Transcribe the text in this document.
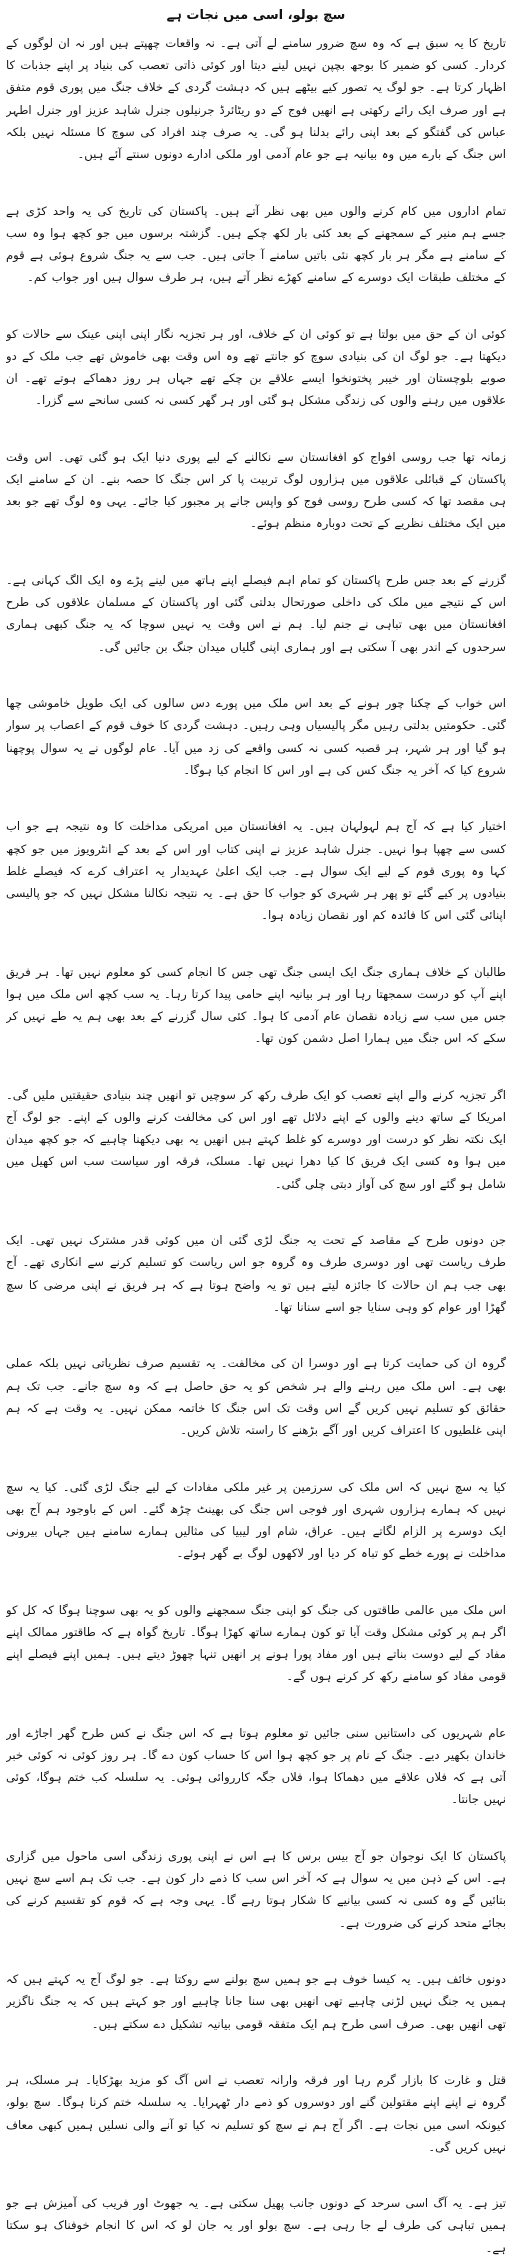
سچ بولو، اسی میں نجات ہے

تاریخ کا یہ سبق ہے کہ وہ سچ ضرور سامنے لے آتی ہے۔ نہ واقعات چھپتے ہیں اور نہ ان لوگوں کے کردار۔ کسی کو ضمیر کا بوجھ بچپن نہیں لینے دیتا اور کوئی ذاتی تعصب کی بنیاد پر اپنے جذبات کا اظہار کرتا ہے۔ جو لوگ یہ تصور کیے بیٹھے ہیں کہ دہشت گردی کے خلاف جنگ میں پوری قوم متفق ہے اور صرف ایک رائے رکھتی ہے انھیں فوج کے دو ریٹائرڈ جرنیلوں جنرل شاہد عزیز اور جنرل اطہر عباس کی گفتگو کے بعد اپنی رائے بدلنا ہو گی۔ یہ صرف چند افراد کی سوچ کا مسئلہ نہیں بلکہ اس جنگ کے بارے میں وہ بیانیہ ہے جو عام آدمی اور ملکی ادارے دونوں سنتے آئے ہیں۔

تمام اداروں میں کام کرنے والوں میں بھی نظر آتے ہیں۔ پاکستان کی تاریخ کی یہ واحد کڑی ہے جسے ہم منیر کے سمجھنے کے بعد کئی بار لکھ چکے ہیں۔ گزشتہ برسوں میں جو کچھ ہوا وہ سب کے سامنے ہے مگر ہر بار کچھ نئی باتیں سامنے آ جاتی ہیں۔ جب سے یہ جنگ شروع ہوئی ہے قوم کے مختلف طبقات ایک دوسرے کے سامنے کھڑے نظر آتے ہیں، ہر طرف سوال ہیں اور جواب کم۔

کوئی ان کے حق میں بولتا ہے تو کوئی ان کے خلاف، اور ہر تجزیہ نگار اپنی اپنی عینک سے حالات کو دیکھتا ہے۔ جو لوگ ان کی بنیادی سوچ کو جانتے تھے وہ اس وقت بھی خاموش تھے جب ملک کے دو صوبے بلوچستان اور خیبر پختونخوا ایسے علاقے بن چکے تھے جہاں ہر روز دھماکے ہوتے تھے۔ ان علاقوں میں رہنے والوں کی زندگی مشکل ہو گئی اور ہر گھر کسی نہ کسی سانحے سے گزرا۔

زمانہ تھا جب روسی افواج کو افغانستان سے نکالنے کے لیے پوری دنیا ایک ہو گئی تھی۔ اس وقت پاکستان کے قبائلی علاقوں میں ہزاروں لوگ تربیت پا کر اس جنگ کا حصہ بنے۔ ان کے سامنے ایک ہی مقصد تھا کہ کسی طرح روسی فوج کو واپس جانے پر مجبور کیا جائے۔ یہی وہ لوگ تھے جو بعد میں ایک مختلف نظریے کے تحت دوبارہ منظم ہوئے۔

گزرنے کے بعد جس طرح پاکستان کو تمام اہم فیصلے اپنے ہاتھ میں لینے پڑے وہ ایک الگ کہانی ہے۔ اس کے نتیجے میں ملک کی داخلی صورتحال بدلتی گئی اور پاکستان کے مسلمان علاقوں کی طرح افغانستان میں بھی تباہی نے جنم لیا۔ ہم نے اس وقت یہ نہیں سوچا کہ یہ جنگ کبھی ہماری سرحدوں کے اندر بھی آ سکتی ہے اور ہماری اپنی گلیاں میدان جنگ بن جائیں گی۔

اس خواب کے چکنا چور ہونے کے بعد اس ملک میں پورے دس سالوں کی ایک طویل خاموشی چھا گئی۔ حکومتیں بدلتی رہیں مگر پالیسیاں وہی رہیں۔ دہشت گردی کا خوف قوم کے اعصاب پر سوار ہو گیا اور ہر شہر، ہر قصبہ کسی نہ کسی واقعے کی زد میں آیا۔ عام لوگوں نے یہ سوال پوچھنا شروع کیا کہ آخر یہ جنگ کس کی ہے اور اس کا انجام کیا ہوگا۔

اختیار کیا ہے کہ آج ہم لہولہان ہیں۔ یہ افغانستان میں امریکی مداخلت کا وہ نتیجہ ہے جو اب کسی سے چھپا ہوا نہیں۔ جنرل شاہد عزیز نے اپنی کتاب اور اس کے بعد کے انٹرویوز میں جو کچھ کہا وہ پوری قوم کے لیے ایک سوال ہے۔ جب ایک اعلیٰ عہدیدار یہ اعتراف کرے کہ فیصلے غلط بنیادوں پر کیے گئے تو پھر ہر شہری کو جواب کا حق ہے۔ یہ نتیجہ نکالنا مشکل نہیں کہ جو پالیسی اپنائی گئی اس کا فائدہ کم اور نقصان زیادہ ہوا۔

طالبان کے خلاف ہماری جنگ ایک ایسی جنگ تھی جس کا انجام کسی کو معلوم نہیں تھا۔ ہر فریق اپنے آپ کو درست سمجھتا رہا اور ہر بیانیہ اپنے حامی پیدا کرتا رہا۔ یہ سب کچھ اس ملک میں ہوا جس میں سب سے زیادہ نقصان عام آدمی کا ہوا۔ کئی سال گزرنے کے بعد بھی ہم یہ طے نہیں کر سکے کہ اس جنگ میں ہمارا اصل دشمن کون تھا۔

اگر تجزیہ کرنے والے اپنے تعصب کو ایک طرف رکھ کر سوچیں تو انھیں چند بنیادی حقیقتیں ملیں گی۔ امریکا کے ساتھ دینے والوں کے اپنے دلائل تھے اور اس کی مخالفت کرنے والوں کے اپنے۔ جو لوگ آج ایک نکتہ نظر کو درست اور دوسرے کو غلط کہتے ہیں انھیں یہ بھی دیکھنا چاہیے کہ جو کچھ میدان میں ہوا وہ کسی ایک فریق کا کیا دھرا نہیں تھا۔ مسلک، فرقہ اور سیاست سب اس کھیل میں شامل ہو گئے اور سچ کی آواز دبتی چلی گئی۔

جن دونوں طرح کے مقاصد کے تحت یہ جنگ لڑی گئی ان میں کوئی قدر مشترک نہیں تھی۔ ایک طرف ریاست تھی اور دوسری طرف وہ گروہ جو اس ریاست کو تسلیم کرنے سے انکاری تھے۔ آج بھی جب ہم ان حالات کا جائزہ لیتے ہیں تو یہ واضح ہوتا ہے کہ ہر فریق نے اپنی مرضی کا سچ گھڑا اور عوام کو وہی سنایا جو اسے سنانا تھا۔

گروہ ان کی حمایت کرتا ہے اور دوسرا ان کی مخالفت۔ یہ تقسیم صرف نظریاتی نہیں بلکہ عملی بھی ہے۔ اس ملک میں رہنے والے ہر شخص کو یہ حق حاصل ہے کہ وہ سچ جانے۔ جب تک ہم حقائق کو تسلیم نہیں کریں گے اس وقت تک اس جنگ کا خاتمہ ممکن نہیں۔ یہ وقت ہے کہ ہم اپنی غلطیوں کا اعتراف کریں اور آگے بڑھنے کا راستہ تلاش کریں۔

کیا یہ سچ نہیں کہ اس ملک کی سرزمین پر غیر ملکی مفادات کے لیے جنگ لڑی گئی۔ کیا یہ سچ نہیں کہ ہمارے ہزاروں شہری اور فوجی اس جنگ کی بھینٹ چڑھ گئے۔ اس کے باوجود ہم آج بھی ایک دوسرے پر الزام لگاتے ہیں۔ عراق، شام اور لیبیا کی مثالیں ہمارے سامنے ہیں جہاں بیرونی مداخلت نے پورے خطے کو تباہ کر دیا اور لاکھوں لوگ بے گھر ہوئے۔

اس ملک میں عالمی طاقتوں کی جنگ کو اپنی جنگ سمجھنے والوں کو یہ بھی سوچنا ہوگا کہ کل کو اگر ہم پر کوئی مشکل وقت آیا تو کون ہمارے ساتھ کھڑا ہوگا۔ تاریخ گواہ ہے کہ طاقتور ممالک اپنے مفاد کے لیے دوست بناتے ہیں اور مفاد پورا ہونے پر انھیں تنہا چھوڑ دیتے ہیں۔ ہمیں اپنے فیصلے اپنے قومی مفاد کو سامنے رکھ کر کرنے ہوں گے۔

عام شہریوں کی داستانیں سنی جائیں تو معلوم ہوتا ہے کہ اس جنگ نے کس طرح گھر اجاڑے اور خاندان بکھیر دیے۔ جنگ کے نام پر جو کچھ ہوا اس کا حساب کون دے گا۔ ہر روز کوئی نہ کوئی خبر آتی ہے کہ فلاں علاقے میں دھماکا ہوا، فلاں جگہ کارروائی ہوئی۔ یہ سلسلہ کب ختم ہوگا، کوئی نہیں جانتا۔

پاکستان کا ایک نوجوان جو آج بیس برس کا ہے اس نے اپنی پوری زندگی اسی ماحول میں گزاری ہے۔ اس کے ذہن میں یہ سوال ہے کہ آخر اس سب کا ذمے دار کون ہے۔ جب تک ہم اسے سچ نہیں بتائیں گے وہ کسی نہ کسی بیانیے کا شکار ہوتا رہے گا۔ یہی وجہ ہے کہ قوم کو تقسیم کرنے کی بجائے متحد کرنے کی ضرورت ہے۔

دونوں خائف ہیں۔ یہ کیسا خوف ہے جو ہمیں سچ بولنے سے روکتا ہے۔ جو لوگ آج یہ کہتے ہیں کہ ہمیں یہ جنگ نہیں لڑنی چاہیے تھی انھیں بھی سنا جانا چاہیے اور جو کہتے ہیں کہ یہ جنگ ناگزیر تھی انھیں بھی۔ صرف اسی طرح ہم ایک متفقہ قومی بیانیہ تشکیل دے سکتے ہیں۔

قتل و غارت کا بازار گرم رہا اور فرقہ وارانہ تعصب نے اس آگ کو مزید بھڑکایا۔ ہر مسلک، ہر گروہ نے اپنے اپنے مقتولین گنے اور دوسروں کو ذمے دار ٹھہرایا۔ یہ سلسلہ ختم کرنا ہوگا۔ سچ بولو، کیونکہ اسی میں نجات ہے۔ اگر آج ہم نے سچ کو تسلیم نہ کیا تو آنے والی نسلیں ہمیں کبھی معاف نہیں کریں گی۔

تیز ہے۔ یہ آگ اسی سرحد کے دونوں جانب پھیل سکتی ہے۔ یہ جھوٹ اور فریب کی آمیزش ہے جو ہمیں تباہی کی طرف لے جا رہی ہے۔ سچ بولو اور یہ جان لو کہ اس کا انجام خوفناک ہو سکتا ہے۔
